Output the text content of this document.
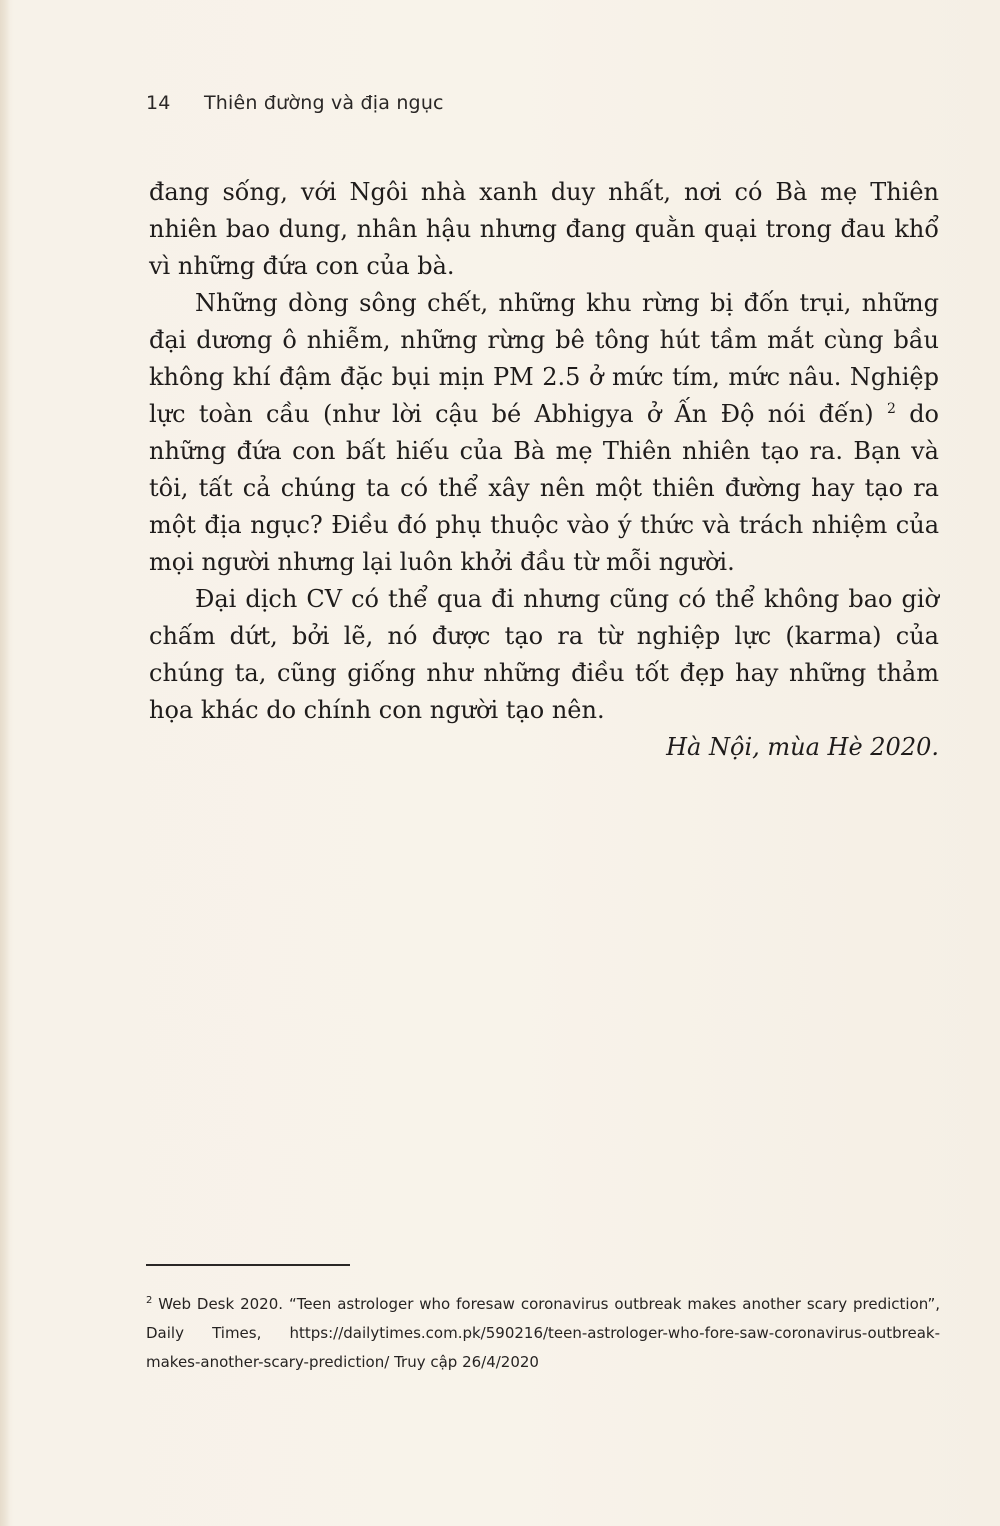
14 Thiên đường và địa ngục

đang sống, với Ngôi nhà xanh duy nhất, nơi có Bà mẹ Thiên nhiên bao dung, nhân hậu nhưng đang quằn quại trong đau khổ vì những đứa con của bà.

Những dòng sông chết, những khu rừng bị đốn trụi, những đại dương ô nhiễm, những rừng bê tông hút tầm mắt cùng bầu không khí đậm đặc bụi mịn PM 2.5 ở mức tím, mức nâu. Nghiệp lực toàn cầu (như lời cậu bé Abhigya ở Ấn Độ nói đến) $^2$ do những đứa con bất hiếu của Bà mẹ Thiên nhiên tạo ra. Bạn và tôi, tất cả chúng ta có thể xây nên một thiên đường hay tạo ra một địa ngục? Điều đó phụ thuộc vào ý thức và trách nhiệm của mọi người nhưng lại luôn khởi đầu từ mỗi người.

Đại dịch CV có thể qua đi nhưng cũng có thể không bao giờ chấm dứt, bởi lẽ, nó được tạo ra từ nghiệp lực (karma) của chúng ta, cũng giống như những điều tốt đẹp hay những thảm họa khác do chính con người tạo nên.

Hà Nội, mùa Hè 2020.

$^2$ Web Desk 2020. “Teen astrologer who foresaw coronavirus outbreak makes another scary prediction”, Daily Times, https://dailytimes.com.pk/590216/teen-astrologer-who-fore-saw-coronavirus-outbreak-makes-another-scary-prediction/ Truy cập 26/4/2020
